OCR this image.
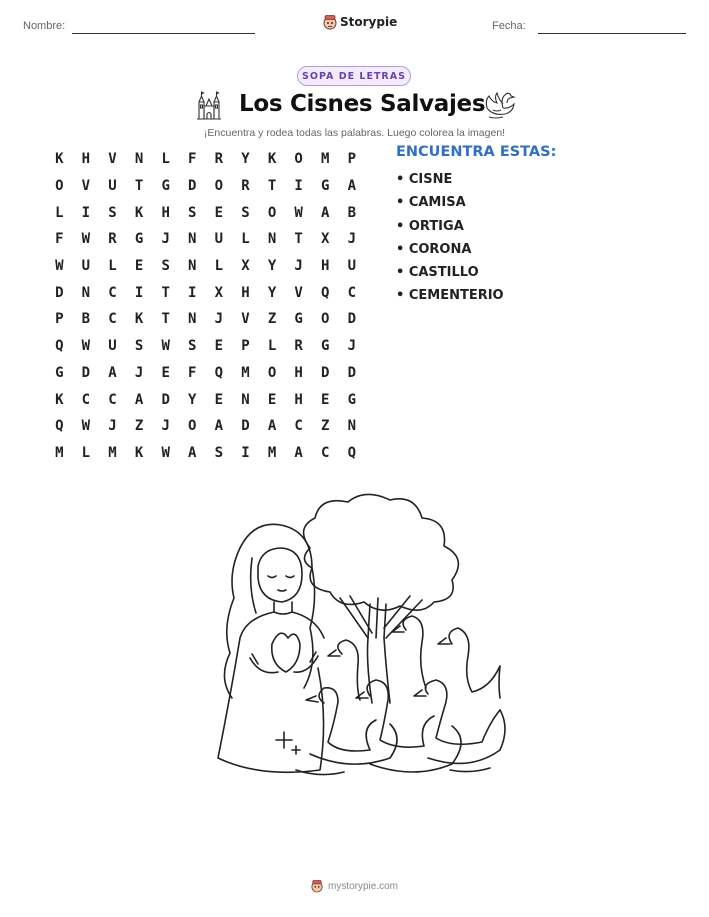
Nombre:	Storypie	Fecha:
SOPA DE LETRAS
Los Cisnes Salvajes
¡Encuentra y rodea todas las palabras. Luego colorea la imagen!
K	H	V	N	L	F	R	Y	K	O	M	P
O	V	U	T	G	D	O	R	T	I	G	A
L	I	S	K	H	S	E	S	O	W	A	B
F	W	R	G	J	N	U	L	N	T	X	J
W	U	L	E	S	N	L	X	Y	J	H	U
D	N	C	I	T	I	X	H	Y	V	Q	C
P	B	C	K	T	N	J	V	Z	G	O	D
Q	W	U	S	W	S	E	P	L	R	G	J
G	D	A	J	E	F	Q	M	O	H	D	D
K	C	C	A	D	Y	E	N	E	H	E	G
Q	W	J	Z	J	O	A	D	A	C	Z	N
M	L	M	K	W	A	S	I	M	A	C	Q
ENCUENTRA ESTAS:
• CISNE
• CAMISA
• ORTIGA
• CORONA
• CASTILLO
• CEMENTERIO
mystorypie.com
